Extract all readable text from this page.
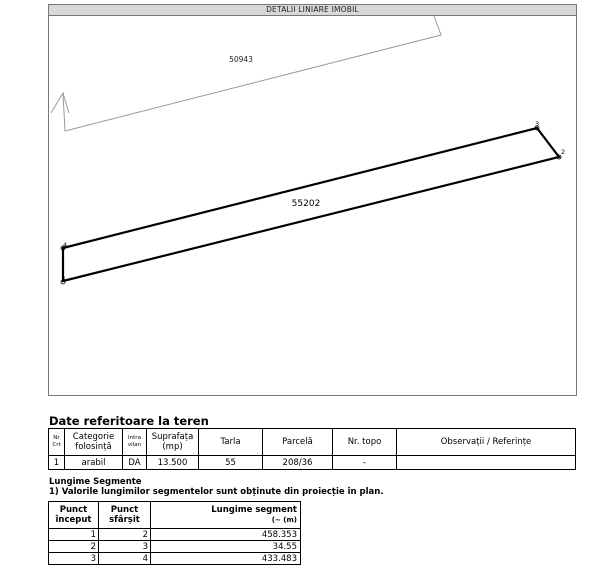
DETALII LINIARE IMOBIL
50943
55202
1
2
3
4
Date referitoare la teren
Nr Crt	Categorie folosință	Intra vilan	Suprafața (mp)	Tarla	Parcelă	Nr. topo	Observații / Referințe
1	arabil	DA	13.500	55	208/36	-	
Lungime Segmente
1) Valorile lungimilor segmentelor sunt obținute din proiecție în plan.
Punct început	Punct sfârșit	Lungime segment
(~ (m)

1	2	458.353
2	3	34.55
3	4	433.483
